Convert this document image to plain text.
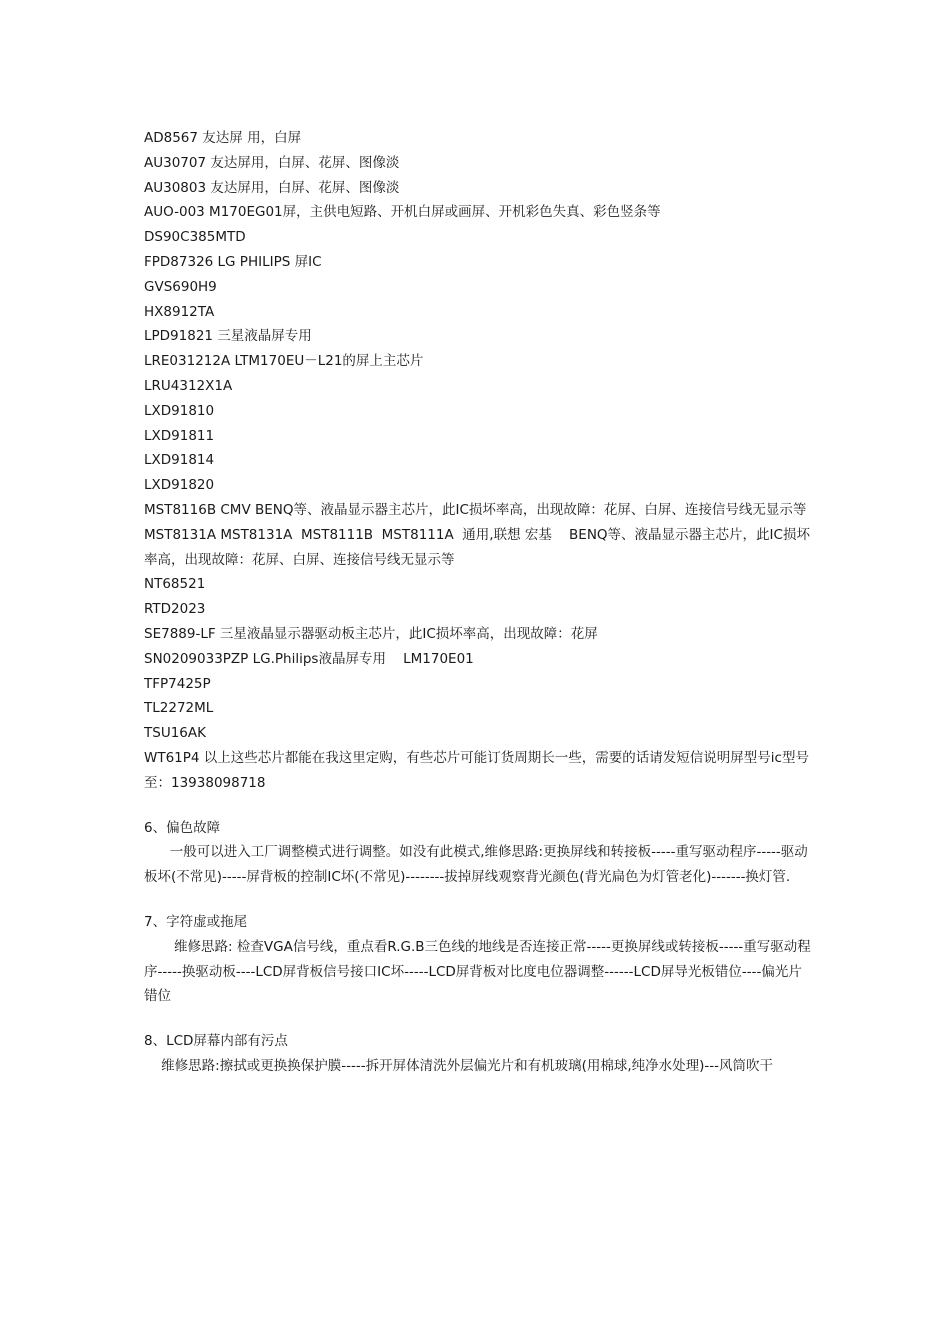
AD8567 友达屏 用，白屏

AU30707 友达屏用，白屏、花屏、图像淡

AU30803 友达屏用，白屏、花屏、图像淡

AUO-003 M170EG01屏，主供电短路、开机白屏或画屏、开机彩色失真、彩色竖条等

DS90C385MTD

FPD87326 LG PHILIPS 屏IC

GVS690H9

HX8912TA

LPD91821 三星液晶屏专用

LRE031212A LTM170EU－L21的屏上主芯片

LRU4312X1A

LXD91810

LXD91811

LXD91814

LXD91820

MST8116B CMV BENQ等、液晶显示器主芯片，此IC损坏率高，出现故障：花屏、白屏、连接信号线无显示等

MST8131A MST8131A  MST8111B  MST8111A  通用,联想 宏基    BENQ等、液晶显示器主芯片，此IC损坏率高，出现故障：花屏、白屏、连接信号线无显示等

NT68521

RTD2023

SE7889-LF 三星液晶显示器驱动板主芯片，此IC损坏率高，出现故障：花屏

SN0209033PZP LG.Philips液晶屏专用    LM170E01

TFP7425P

TL2272ML

TSU16AK

WT61P4 以上这些芯片都能在我这里定购，有些芯片可能订货周期长一些，需要的话请发短信说明屏型号ic型号至：13938098718

6、偏色故障

一般可以进入工厂调整模式进行调整。如没有此模式,维修思路:更换屏线和转接板-----重写驱动程序-----驱动板坏(不常见)-----屏背板的控制IC坏(不常见)--------拔掉屏线观察背光颜色(背光扁色为灯管老化)-------换灯管.

7、字符虚或拖尾

维修思路: 检查VGA信号线，重点看R.G.B三色线的地线是否连接正常-----更换屏线或转接板-----重写驱动程序-----换驱动板----LCD屏背板信号接口IC坏-----LCD屏背板对比度电位器调整------LCD屏导光板错位----偏光片错位

8、LCD屏幕内部有污点

维修思路:擦拭或更换换保护膜-----拆开屏体清洗外层偏光片和有机玻璃(用棉球,纯净水处理)---风筒吹干
